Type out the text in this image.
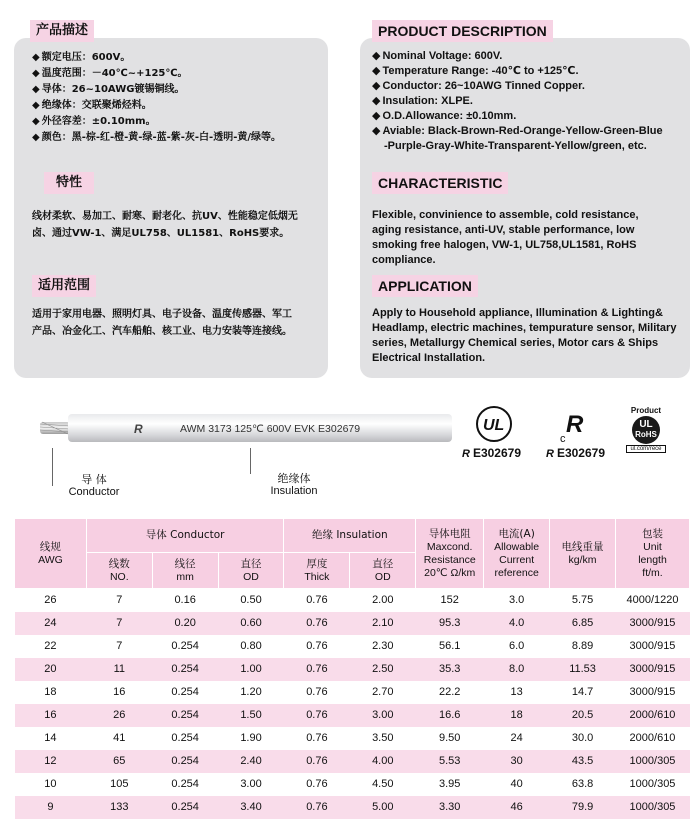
产品描述
◆ 额定电压：600V。
◆ 温度范围：－40℃~+125℃。
◆ 导体：26~10AWG镀锡铜线。
◆ 绝缘体：交联聚烯烃料。
◆ 外径容差：±0.10mm。
◆ 颜色：黑-棕-红-橙-黄-绿-蓝-紫-灰-白-透明-黄/绿等。
特性
线材柔软、易加工、耐寒、耐老化、抗UV、性能稳定低烟无卤、通过VW-1、满足UL758、UL1581、RoHS要求。
适用范围
适用于家用电器、照明灯具、电子设备、温度传感器、军工产品、冶金化工、汽车船舶、核工业、电力安装等连接线。
PRODUCT DESCRIPTION
◆ Nominal Voltage: 600V.
◆ Temperature Range: -40℃ to +125℃.
◆ Conductor: 26~10AWG Tinned Copper.
◆ Insulation: XLPE.
◆ O.D.Allowance: ±0.10mm.
◆ Aviable: Black-Brown-Red-Orange-Yellow-Green-Blue
-Purple-Gray-White-Transparent-Yellow/green, etc.
CHARACTERISTIC
Flexible, convinience to assemble, cold resistance,
aging resistance, anti-UV, stable performance, low
smoking free halogen, VW-1, UL758,UL1581, RoHS
compliance.
APPLICATION
Apply to Household appliance, Illumination & Lighting&
Headlamp, electric machines, tempurature sensor, Military
series, Metallurgy Chemical series, Motor cars & Ships
Electrical Installation.
R	AWM 3173 125℃ 600V EVK E302679
导 体
Conductor
绝缘体
Insulation
UL
R E302679
c
R
R E302679
Product
UL
RoHS
ul.com/rece
线规
AWG	导体 Conductor			绝缘 Insulation		导体电阻
Maxcond.
Resistance
20℃ Ω/km	电流(A)
Allowable
Current
reference	电线重量
kg/km	包装
Unit
length
ft/m.
	线数
NO.	线径
mm	直径
OD	厚度
Thick	直径
OD				
26	7	0.16	0.50	0.76	2.00	152	3.0	5.75	4000/1220
24	7	0.20	0.60	0.76	2.10	95.3	4.0	6.85	3000/915
22	7	0.254	0.80	0.76	2.30	56.1	6.0	8.89	3000/915
20	11	0.254	1.00	0.76	2.50	35.3	8.0	11.53	3000/915
18	16	0.254	1.20	0.76	2.70	22.2	13	14.7	3000/915
16	26	0.254	1.50	0.76	3.00	16.6	18	20.5	2000/610
14	41	0.254	1.90	0.76	3.50	9.50	24	30.0	2000/610
12	65	0.254	2.40	0.76	4.00	5.53	30	43.5	1000/305
10	105	0.254	3.00	0.76	4.50	3.95	40	63.8	1000/305
9	133	0.254	3.40	0.76	5.00	3.30	46	79.9	1000/305
